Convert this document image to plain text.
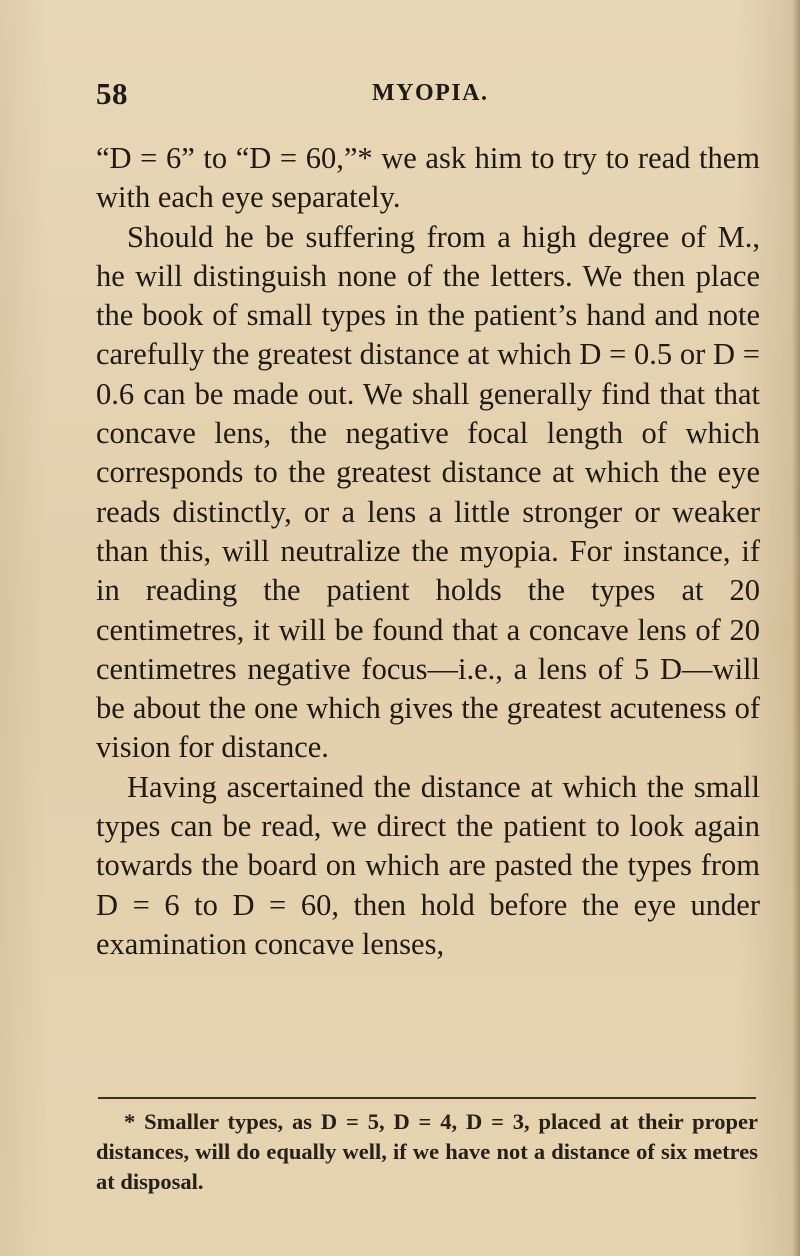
58	MYOPIA.

“D = 6” to “D = 60,”* we ask him to try to read them with each eye separately.

Should he be suffering from a high degree of M., he will distinguish none of the letters. We then place the book of small types in the patient’s hand and note carefully the greatest distance at which D = 0.5 or D = 0.6 can be made out. We shall generally find that that concave lens, the negative focal length of which corresponds to the greatest distance at which the eye reads distinctly, or a lens a little stronger or weaker than this, will neutralize the myopia. For instance, if in reading the patient holds the types at 20 centimetres, it will be found that a concave lens of 20 centimetres negative focus—i.e., a lens of 5 D—will be about the one which gives the greatest acuteness of vision for distance.

Having ascertained the distance at which the small types can be read, we direct the patient to look again towards the board on which are pasted the types from D = 6 to D = 60, then hold before the eye under examination concave lenses,

* Smaller types, as D = 5, D = 4, D = 3, placed at their proper distances, will do equally well, if we have not a distance of six metres at disposal.
